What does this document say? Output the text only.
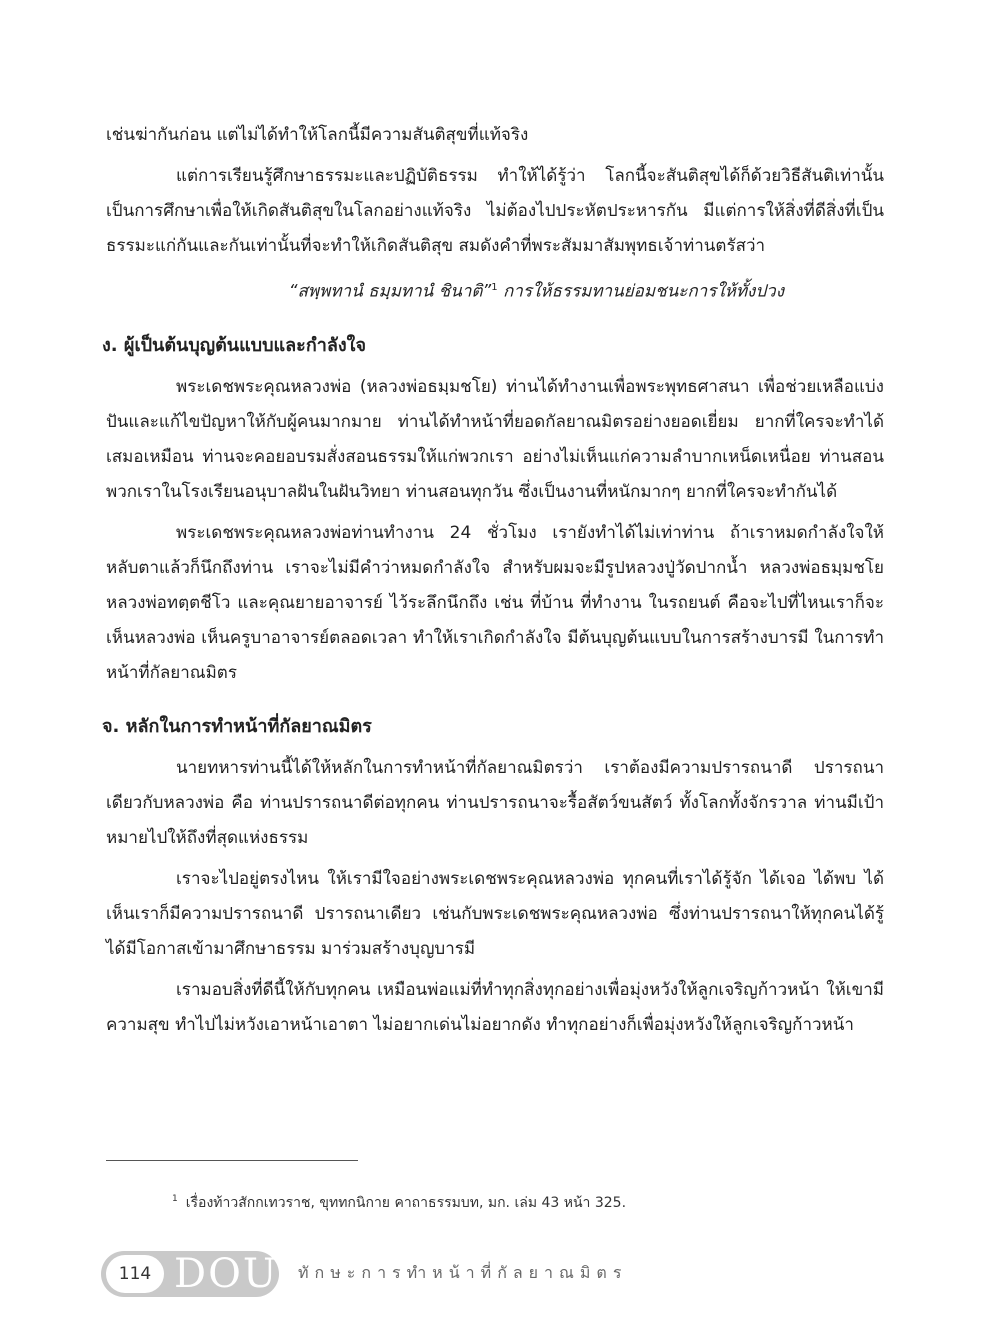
เช่นฆ่ากันก่อน แต่ไม่ได้ทำให้โลกนี้มีความสันติสุขที่แท้จริง

แต่การเรียนรู้ศึกษาธรรมะและปฏิบัติธรรม ทำให้ได้รู้ว่า โลกนี้จะสันติสุขได้ก็ด้วยวิธีสันติเท่านั้น เป็นการศึกษาเพื่อให้เกิดสันติสุขในโลกอย่างแท้จริง ไม่ต้องไปประหัตประหารกัน มีแต่การให้สิ่งที่ดีสิ่งที่เป็นธรรมะแก่กันและกันเท่านั้นที่จะทำให้เกิดสันติสุข สมดังคำที่พระสัมมาสัมพุทธเจ้าท่านตรัสว่า

“สพฺพทานํ ธมฺมทานํ ชินาติ”$^1$ การให้ธรรมทานย่อมชนะการให้ทั้งปวง

ง. ผู้เป็นต้นบุญต้นแบบและกำลังใจ

พระเดชพระคุณหลวงพ่อ (หลวงพ่อธมฺมชโย) ท่านได้ทำงานเพื่อพระพุทธศาสนา เพื่อช่วยเหลือแบ่งปันและแก้ไขปัญหาให้กับผู้คนมากมาย ท่านได้ทำหน้าที่ยอดกัลยาณมิตรอย่างยอดเยี่ยม ยากที่ใครจะทำได้เสมอเหมือน ท่านจะคอยอบรมสั่งสอนธรรมให้แก่พวกเรา อย่างไม่เห็นแก่ความลำบากเหน็ดเหนื่อย ท่านสอนพวกเราในโรงเรียนอนุบาลฝันในฝันวิทยา ท่านสอนทุกวัน ซึ่งเป็นงานที่หนักมากๆ ยากที่ใครจะทำกันได้

พระเดชพระคุณหลวงพ่อท่านทำงาน 24 ชั่วโมง เรายังทำได้ไม่เท่าท่าน ถ้าเราหมดกำลังใจให้หลับตาแล้วก็นึกถึงท่าน เราจะไม่มีคำว่าหมดกำลังใจ สำหรับผมจะมีรูปหลวงปู่วัดปากน้ำ หลวงพ่อธมฺมชโย หลวงพ่อทตฺตชีโว และคุณยายอาจารย์ ไว้ระลึกนึกถึง เช่น ที่บ้าน ที่ทำงาน ในรถยนต์ คือจะไปที่ไหนเราก็จะเห็นหลวงพ่อ เห็นครูบาอาจารย์ตลอดเวลา ทำให้เราเกิดกำลังใจ มีต้นบุญต้นแบบในการสร้างบารมี ในการทำหน้าที่กัลยาณมิตร

จ. หลักในการทำหน้าที่กัลยาณมิตร

นายทหารท่านนี้ได้ให้หลักในการทำหน้าที่กัลยาณมิตรว่า เราต้องมีความปรารถนาดี ปรารถนาเดียวกับหลวงพ่อ คือ ท่านปรารถนาดีต่อทุกคน ท่านปรารถนาจะรื้อสัตว์ขนสัตว์ ทั้งโลกทั้งจักรวาล ท่านมีเป้าหมายไปให้ถึงที่สุดแห่งธรรม

เราจะไปอยู่ตรงไหน ให้เรามีใจอย่างพระเดชพระคุณหลวงพ่อ ทุกคนที่เราได้รู้จัก ได้เจอ ได้พบ ได้เห็นเราก็มีความปรารถนาดี ปรารถนาเดียว เช่นกับพระเดชพระคุณหลวงพ่อ ซึ่งท่านปรารถนาให้ทุกคนได้รู้ ได้มีโอกาสเข้ามาศึกษาธรรม มาร่วมสร้างบุญบารมี

เรามอบสิ่งที่ดีนี้ให้กับทุกคน เหมือนพ่อแม่ที่ทำทุกสิ่งทุกอย่างเพื่อมุ่งหวังให้ลูกเจริญก้าวหน้า ให้เขามีความสุข ทำไปไม่หวังเอาหน้าเอาตา ไม่อยากเด่นไม่อยากดัง ทำทุกอย่างก็เพื่อมุ่งหวังให้ลูกเจริญก้าวหน้า

$^1$ เรื่องท้าวสักกเทวราช, ขุททกนิกาย คาถาธรรมบท, มก. เล่ม 43 หน้า 325.
114 DOU ทักษะการทำหน้าที่กัลยาณมิตร
